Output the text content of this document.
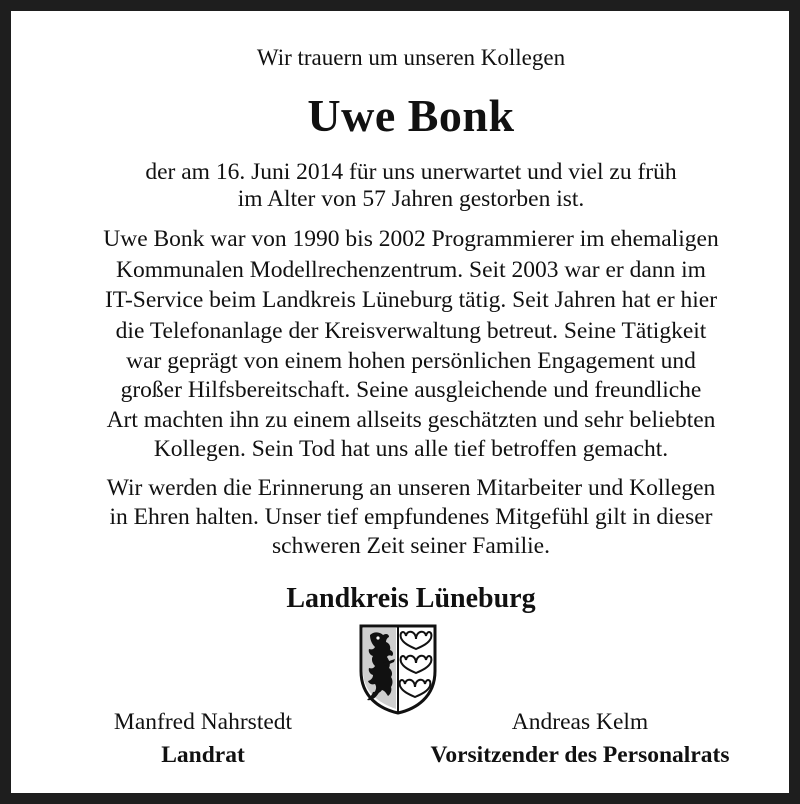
Wir trauern um unseren Kollegen
Uwe Bonk
der am 16. Juni 2014 für uns unerwartet und viel zu früh
im Alter von 57 Jahren gestorben ist.
Uwe Bonk war von 1990 bis 2002 Programmierer im ehemaligen
Kommunalen Modellrechenzentrum. Seit 2003 war er dann im
IT-Service beim Landkreis Lüneburg tätig. Seit Jahren hat er hier
die Telefonanlage der Kreisverwaltung betreut. Seine Tätigkeit
war geprägt von einem hohen persönlichen Engagement und
großer Hilfsbereitschaft. Seine ausgleichende und freundliche
Art machten ihn zu einem allseits geschätzten und sehr beliebten
Kollegen. Sein Tod hat uns alle tief betroffen gemacht.
Wir werden die Erinnerung an unseren Mitarbeiter und Kollegen
in Ehren halten. Unser tief empfundenes Mitgefühl gilt in dieser
schweren Zeit seiner Familie.
Landkreis Lüneburg
Manfred Nahrstedt
Landrat
Andreas Kelm
Vorsitzender des Personalrats
